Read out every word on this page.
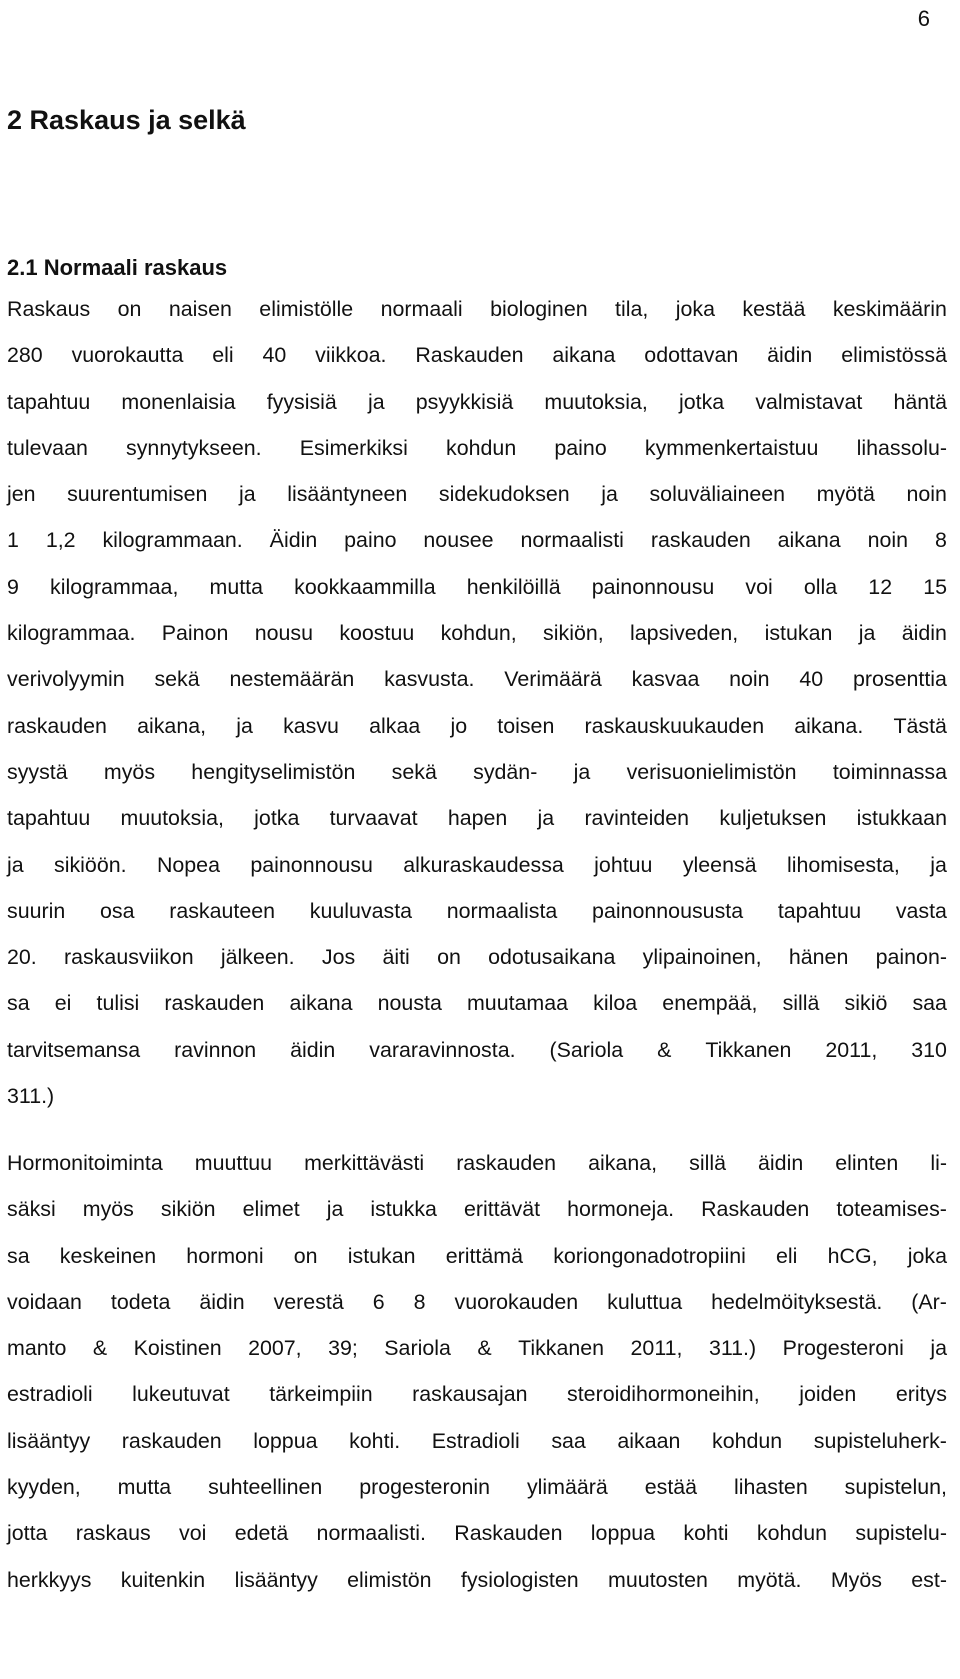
6
2 Raskaus ja selkä
2.1 Normaali raskaus
Raskaus on naisen elimistölle normaali biologinen tila, joka kestää keskimäärin
280 vuorokautta eli 40 viikkoa. Raskauden aikana odottavan äidin elimistössä
tapahtuu monenlaisia fyysisiä ja psyykkisiä muutoksia, jotka valmistavat häntä
tulevaan synnytykseen. Esimerkiksi kohdun paino kymmenkertaistuu lihassolu-
jen suurentumisen ja lisääntyneen sidekudoksen ja soluväliaineen myötä noin
1 1,2 kilogrammaan. Äidin paino nousee normaalisti raskauden aikana noin 8
9 kilogrammaa, mutta kookkaammilla henkilöillä painonnousu voi olla 12 15
kilogrammaa. Painon nousu koostuu kohdun, sikiön, lapsiveden, istukan ja äidin
verivolyymin sekä nestemäärän kasvusta. Verimäärä kasvaa noin 40 prosenttia
raskauden aikana, ja kasvu alkaa jo toisen raskauskuukauden aikana. Tästä
syystä myös hengityselimistön sekä sydän- ja verisuonielimistön toiminnassa
tapahtuu muutoksia, jotka turvaavat hapen ja ravinteiden kuljetuksen istukkaan
ja sikiöön. Nopea painonnousu alkuraskaudessa johtuu yleensä lihomisesta, ja
suurin osa raskauteen kuuluvasta normaalista painonnoususta tapahtuu vasta
20. raskausviikon jälkeen. Jos äiti on odotusaikana ylipainoinen, hänen painon-
sa ei tulisi raskauden aikana nousta muutamaa kiloa enempää, sillä sikiö saa
tarvitsemansa ravinnon äidin vararavinnosta. (Sariola & Tikkanen 2011, 310
311.)
Hormonitoiminta muuttuu merkittävästi raskauden aikana, sillä äidin elinten li-
säksi myös sikiön elimet ja istukka erittävät hormoneja. Raskauden toteamises-
sa keskeinen hormoni on istukan erittämä koriongonadotropiini eli hCG, joka
voidaan todeta äidin verestä 6 8 vuorokauden kuluttua hedelmöityksestä. (Ar-
manto & Koistinen 2007, 39; Sariola & Tikkanen 2011, 311.) Progesteroni ja
estradioli lukeutuvat tärkeimpiin raskausajan steroidihormoneihin, joiden eritys
lisääntyy raskauden loppua kohti. Estradioli saa aikaan kohdun supisteluherk-
kyyden, mutta suhteellinen progesteronin ylimäärä estää lihasten supistelun,
jotta raskaus voi edetä normaalisti. Raskauden loppua kohti kohdun supistelu-
herkkyys kuitenkin lisääntyy elimistön fysiologisten muutosten myötä. Myös est-
